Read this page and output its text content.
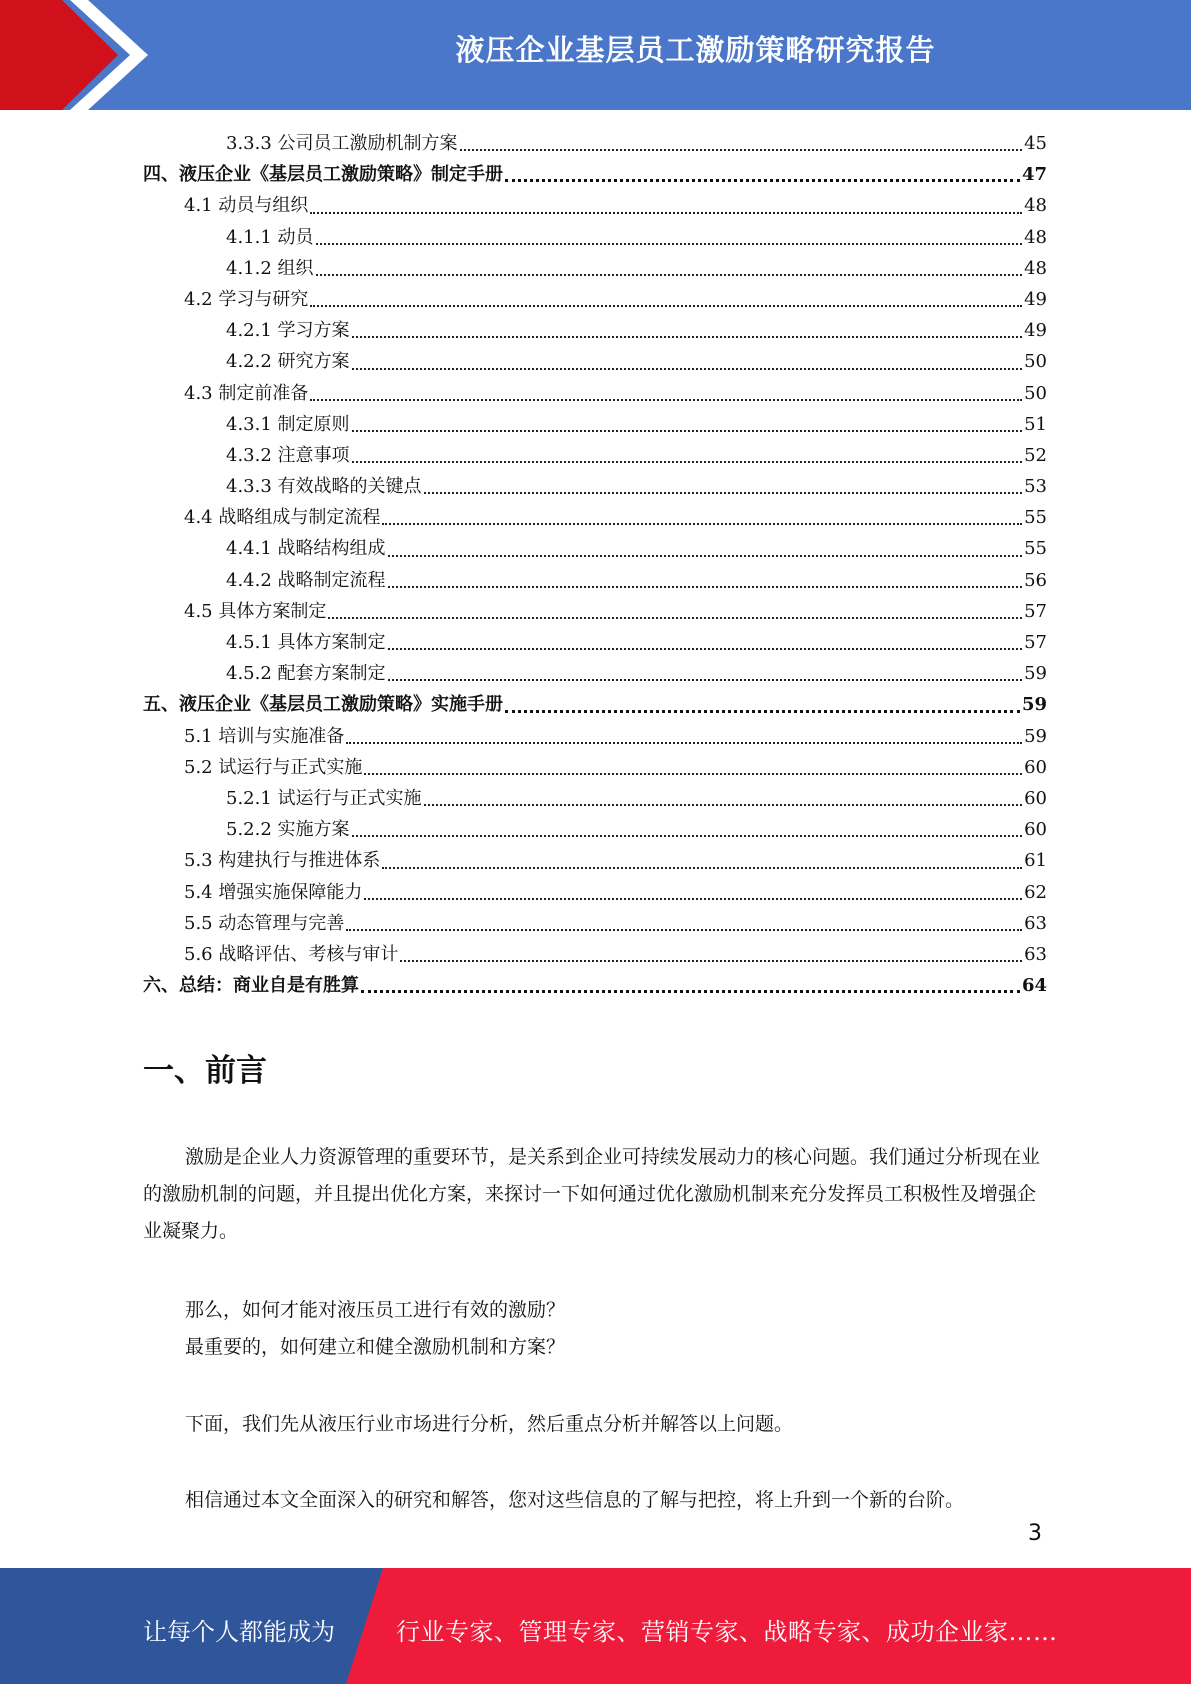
液压企业基层员工激励策略研究报告
3.3.3 公司员工激励机制方案	45
四、液压企业《基层员工激励策略》制定手册	47
4.1 动员与组织	48
4.1.1 动员	48
4.1.2 组织	48
4.2 学习与研究	49
4.2.1 学习方案	49
4.2.2 研究方案	50
4.3 制定前准备	50
4.3.1 制定原则	51
4.3.2 注意事项	52
4.3.3 有效战略的关键点	53
4.4 战略组成与制定流程	55
4.4.1 战略结构组成	55
4.4.2 战略制定流程	56
4.5 具体方案制定	57
4.5.1 具体方案制定	57
4.5.2 配套方案制定	59
五、液压企业《基层员工激励策略》实施手册	59
5.1 培训与实施准备	59
5.2 试运行与正式实施	60
5.2.1 试运行与正式实施	60
5.2.2 实施方案	60
5.3 构建执行与推进体系	61
5.4 增强实施保障能力	62
5.5 动态管理与完善	63
5.6 战略评估、考核与审计	63
六、总结：商业自是有胜算	64
一、前言

激励是企业人力资源管理的重要环节，是关系到企业可持续发展动力的核心问题。我们通过分析现在业的激励机制的问题，并且提出优化方案，来探讨一下如何通过优化激励机制来充分发挥员工积极性及增强企业凝聚力。

那么，如何才能对液压员工进行有效的激励？

最重要的，如何建立和健全激励机制和方案？

下面，我们先从液压行业市场进行分析，然后重点分析并解答以上问题。

相信通过本文全面深入的研究和解答，您对这些信息的了解与把控，将上升到一个新的台阶。

3
让每个人都能成为	行业专家、管理专家、营销专家、战略专家、成功企业家……
